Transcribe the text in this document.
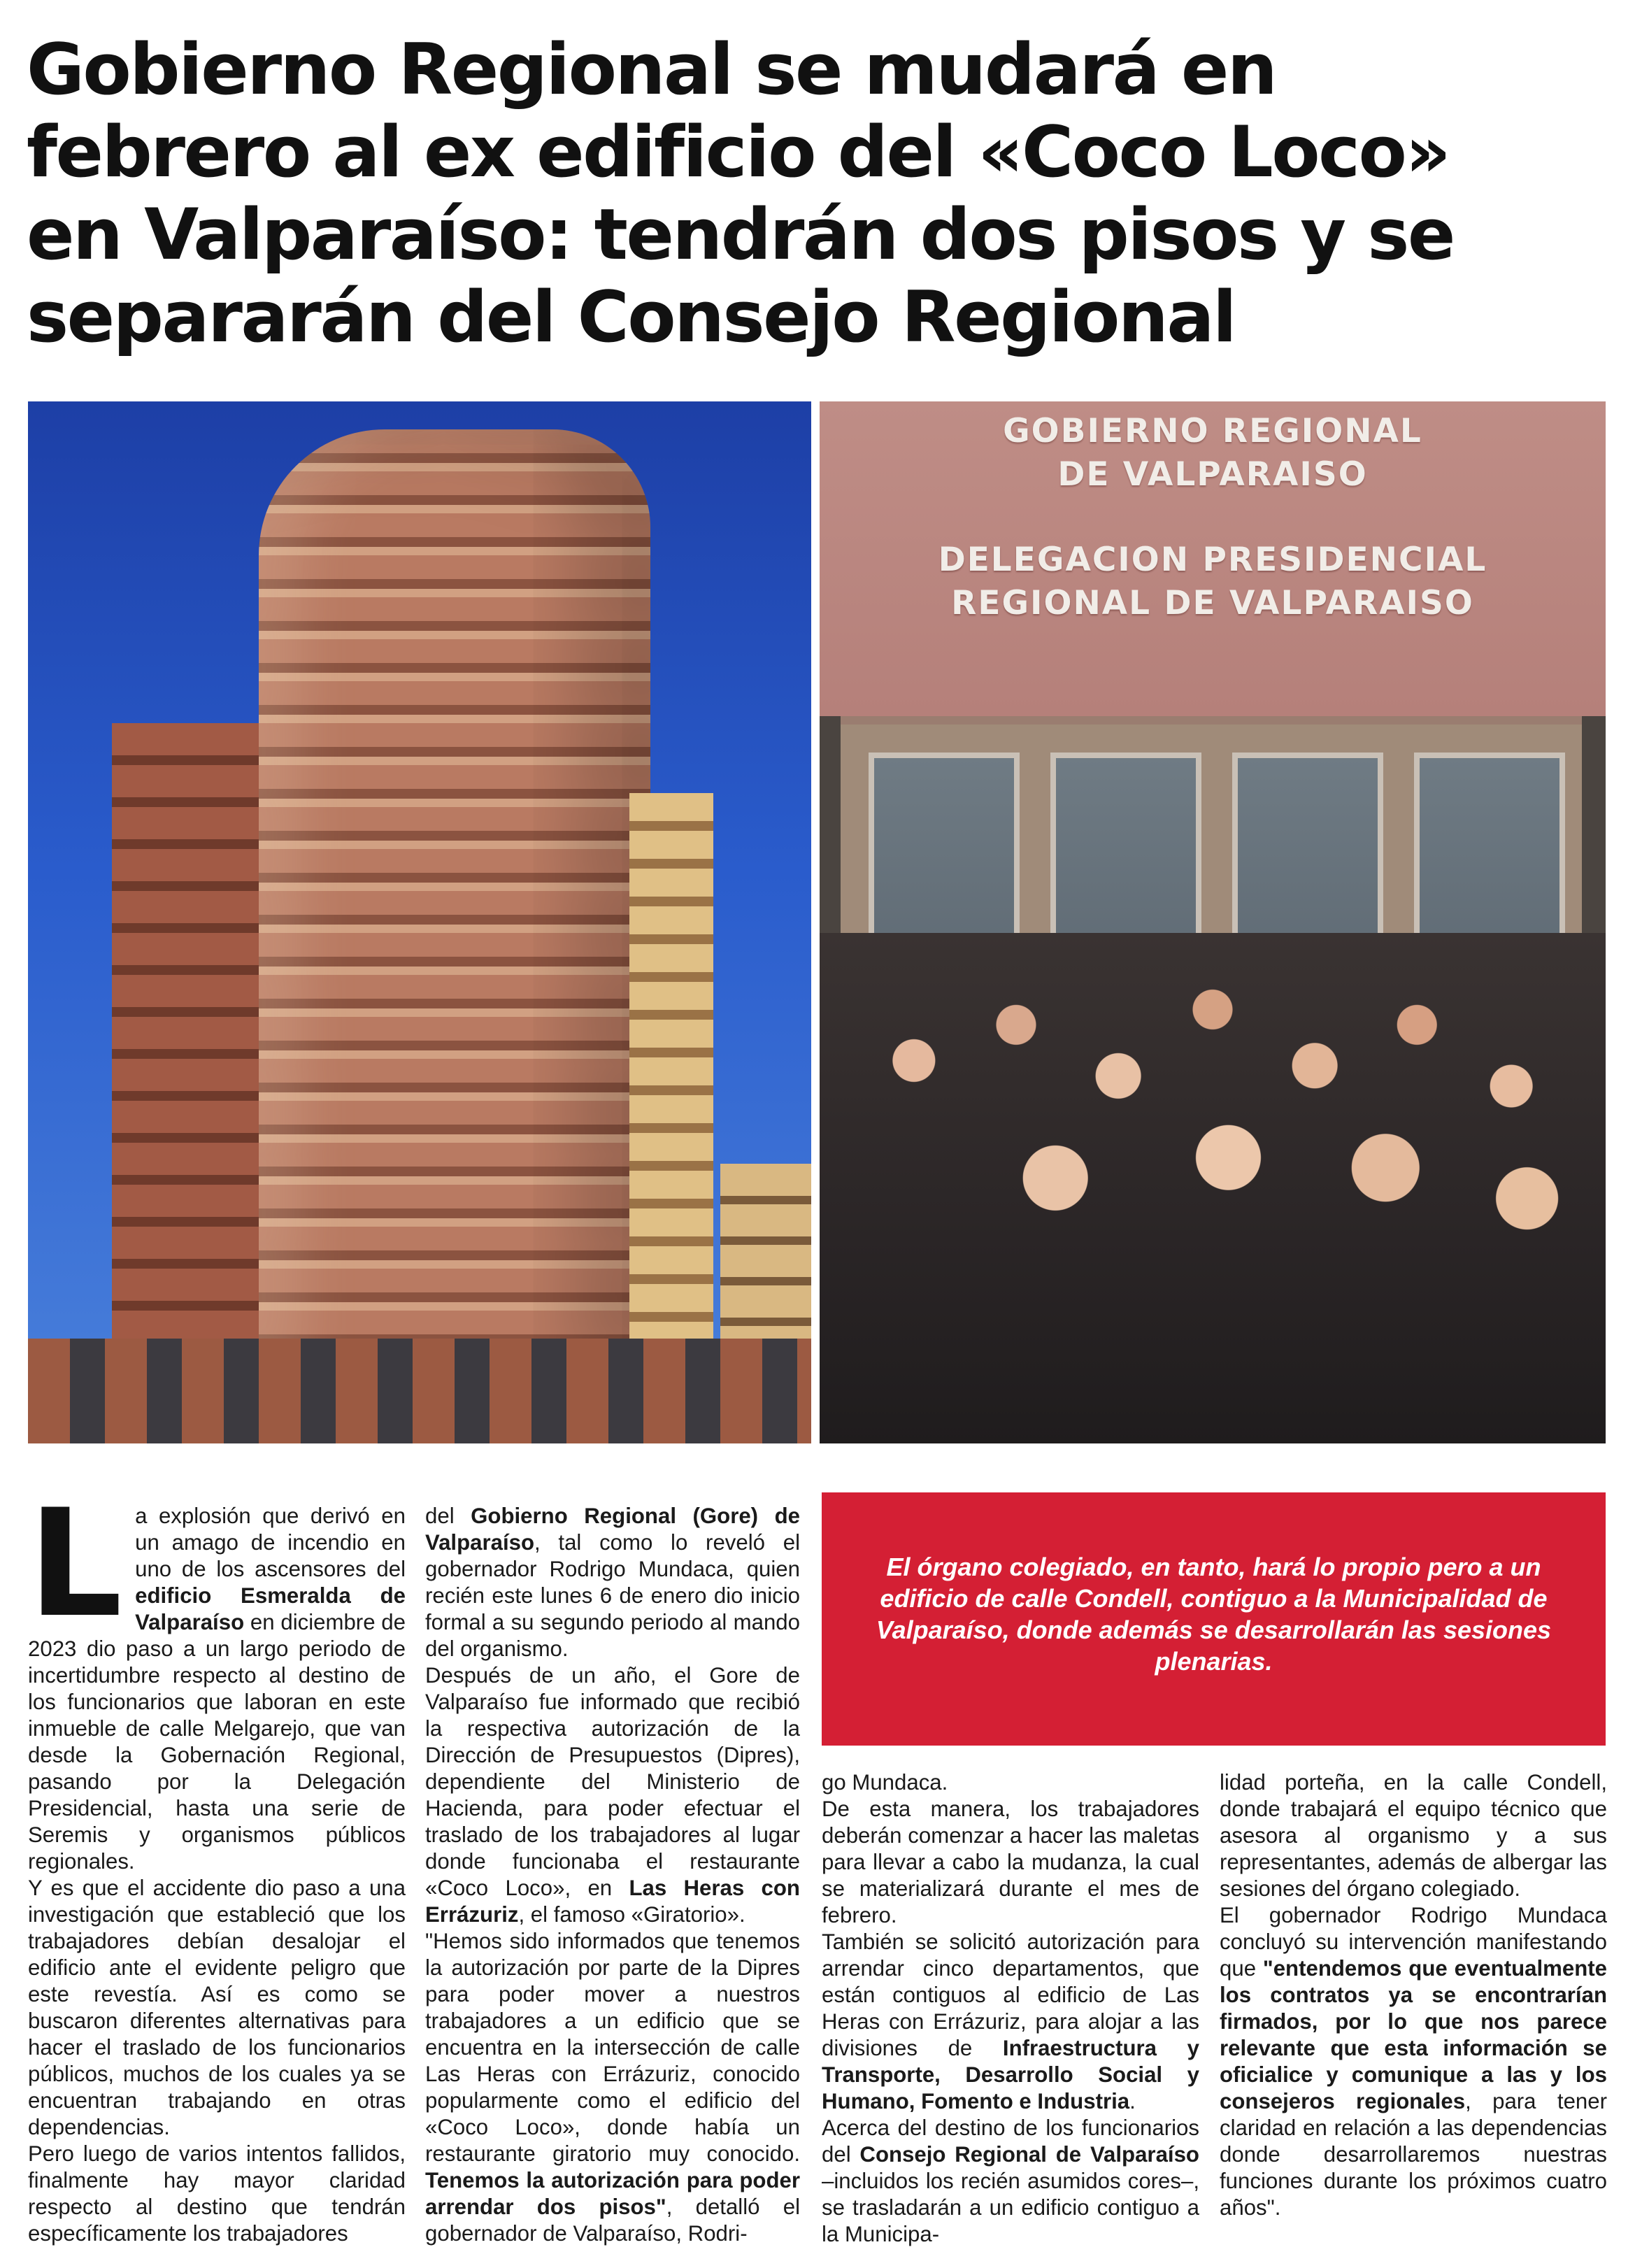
Gobierno Regional se mudará en
febrero al ex edificio del «Coco Loco»
en Valparaíso: tendrán dos pisos y se
separarán del Consejo Regional
GOBIERNO REGIONAL
DE VALPARAISO
DELEGACION PRESIDENCIAL
REGIONAL DE VALPARAISO

La explosión que derivó en un amago de incendio en uno de los ascensores del edificio Esmeralda de Valparaíso en diciembre de 2023 dio paso a un largo periodo de incertidumbre respecto al destino de los funcionarios que laboran en este inmueble de calle Melgarejo, que van desde la Gobernación Regional, pasando por la Delegación Presidencial, hasta una serie de Seremis y organismos públicos regionales.

Y es que el accidente dio paso a una investigación que estableció que los trabajadores debían desalojar el edificio ante el evidente peligro que este revestía. Así es como se buscaron diferentes alternativas para hacer el traslado de los funcionarios públicos, muchos de los cuales ya se encuentran trabajando en otras dependencias.

Pero luego de varios intentos fallidos, finalmente hay mayor claridad respecto al destino que tendrán específicamente los trabajadores

del Gobierno Regional (Gore) de Valparaíso, tal como lo reveló el gobernador Rodrigo Mundaca, quien recién este lunes 6 de enero dio inicio formal a su segundo periodo al mando del organismo.

Después de un año, el Gore de Valparaíso fue informado que recibió la respectiva autorización de la Dirección de Presupuestos (Dipres), dependiente del Ministerio de Hacienda, para poder efectuar el traslado de los trabajadores al lugar donde funcionaba el restaurante «Coco Loco», en Las Heras con Errázuriz, el famoso «Giratorio».

"Hemos sido informados que tenemos la autorización por parte de la Dipres para poder mover a nuestros trabajadores a un edificio que se encuentra en la intersección de calle Las Heras con Errázuriz, conocido popularmente como el edificio del «Coco Loco», donde había un restaurante giratorio muy conocido. Tenemos la autorización para poder arrendar dos pisos", detalló el gobernador de Valparaíso, Rodri-

El órgano colegiado, en tanto, hará lo propio pero a un edificio de calle Condell, contiguo a la Municipalidad de Valparaíso, donde además se desarrollarán las sesiones plenarias.

go Mundaca.

De esta manera, los trabajadores deberán comenzar a hacer las maletas para llevar a cabo la mudanza, la cual se materializará durante el mes de febrero.

También se solicitó autorización para arrendar cinco departamentos, que están contiguos al edificio de Las Heras con Errázuriz, para alojar a las divisiones de Infraestructura y Transporte, Desarrollo Social y Humano, Fomento e Industria.

Acerca del destino de los funcionarios del Consejo Regional de Valparaíso –incluidos los recién asumidos cores–, se trasladarán a un edificio contiguo a la Municipa-

lidad porteña, en la calle Condell, donde trabajará el equipo técnico que asesora al organismo y a sus representantes, además de albergar las sesiones del órgano colegiado.

El gobernador Rodrigo Mundaca concluyó su intervención manifestando que "entendemos que eventualmente los contratos ya se encontrarían firmados, por lo que nos parece relevante que esta información se oficialice y comunique a las y los consejeros regionales, para tener claridad en relación a las dependencias donde desarrollaremos nuestras funciones durante los próximos cuatro años".
